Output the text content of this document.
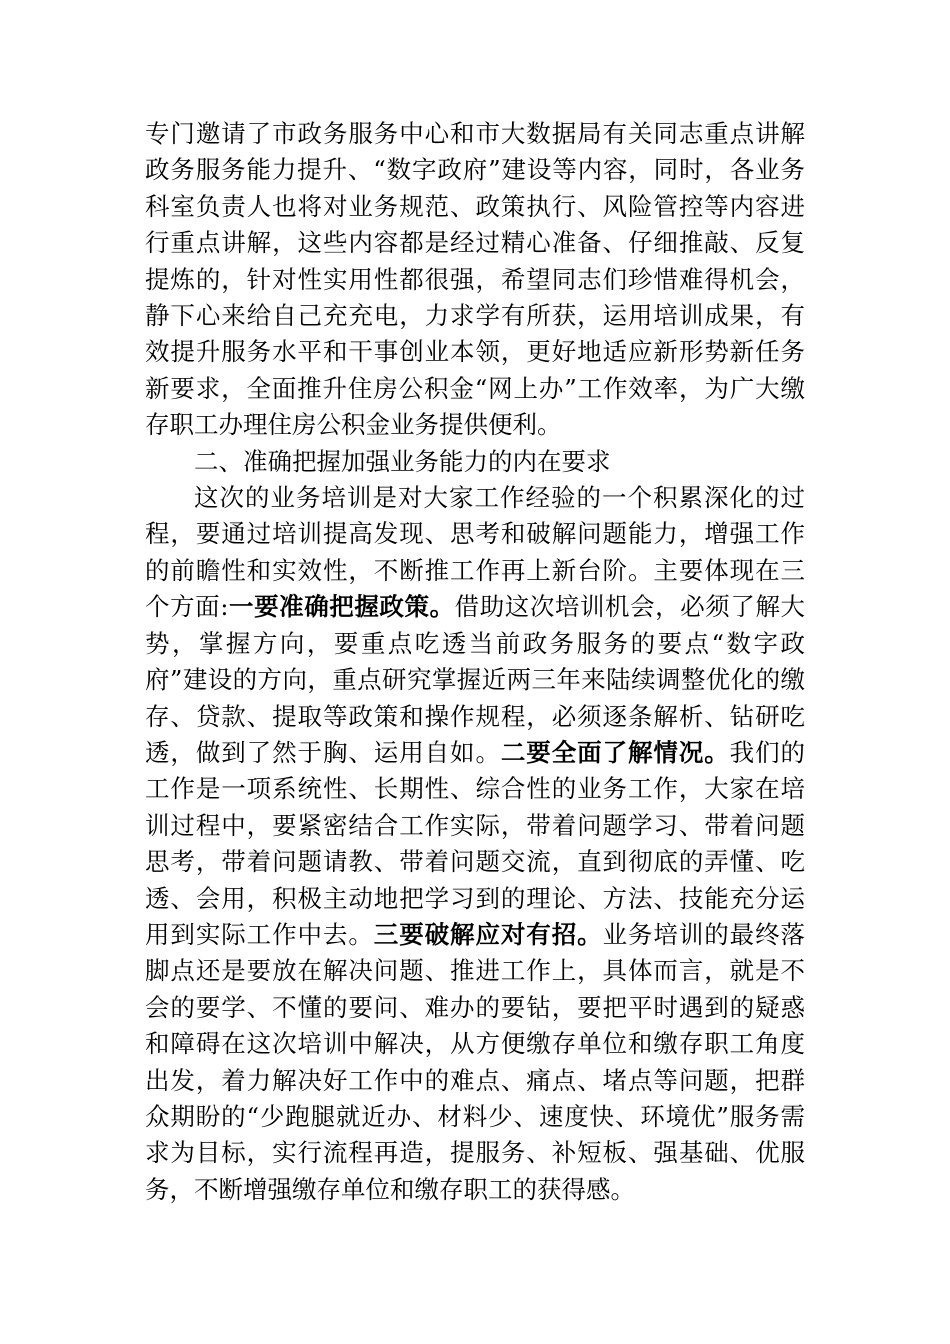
专门邀请了市政务服务中心和市大数据局有关同志重点讲解政务服务能力提升、“数字政府”建设等内容，同时，各业务科室负责人也将对业务规范、政策执行、风险管控等内容进行重点讲解，这些内容都是经过精心准备、仔细推敲、反复提炼的，针对性实用性都很强，希望同志们珍惜难得机会，静下心来给自己充充电，力求学有所获，运用培训成果，有效提升服务水平和干事创业本领，更好地适应新形势新任务新要求，全面推升住房公积金“网上办”工作效率，为广大缴存职工办理住房公积金业务提供便利。

二、准确把握加强业务能力的内在要求

这次的业务培训是对大家工作经验的一个积累深化的过程，要通过培训提高发现、思考和破解问题能力，增强工作的前瞻性和实效性，不断推工作再上新台阶。主要体现在三个方面:一要准确把握政策。借助这次培训机会，必须了解大势，掌握方向，要重点吃透当前政务服务的要点“数字政府”建设的方向，重点研究掌握近两三年来陆续调整优化的缴存、贷款、提取等政策和操作规程，必须逐条解析、钻研吃透，做到了然于胸、运用自如。二要全面了解情况。我们的工作是一项系统性、长期性、综合性的业务工作，大家在培训过程中，要紧密结合工作实际，带着问题学习、带着问题思考，带着问题请教、带着问题交流，直到彻底的弄懂、吃透、会用，积极主动地把学习到的理论、方法、技能充分运用到实际工作中去。三要破解应对有招。业务培训的最终落脚点还是要放在解决问题、推进工作上，具体而言，就是不会的要学、不懂的要问、难办的要钻，要把平时遇到的疑惑和障碍在这次培训中解决，从方便缴存单位和缴存职工角度出发，着力解决好工作中的难点、痛点、堵点等问题，把群众期盼的“少跑腿就近办、材料少、速度快、环境优”服务需求为目标，实行流程再造，提服务、补短板、强基础、优服务，不断增强缴存单位和缴存职工的获得感。
